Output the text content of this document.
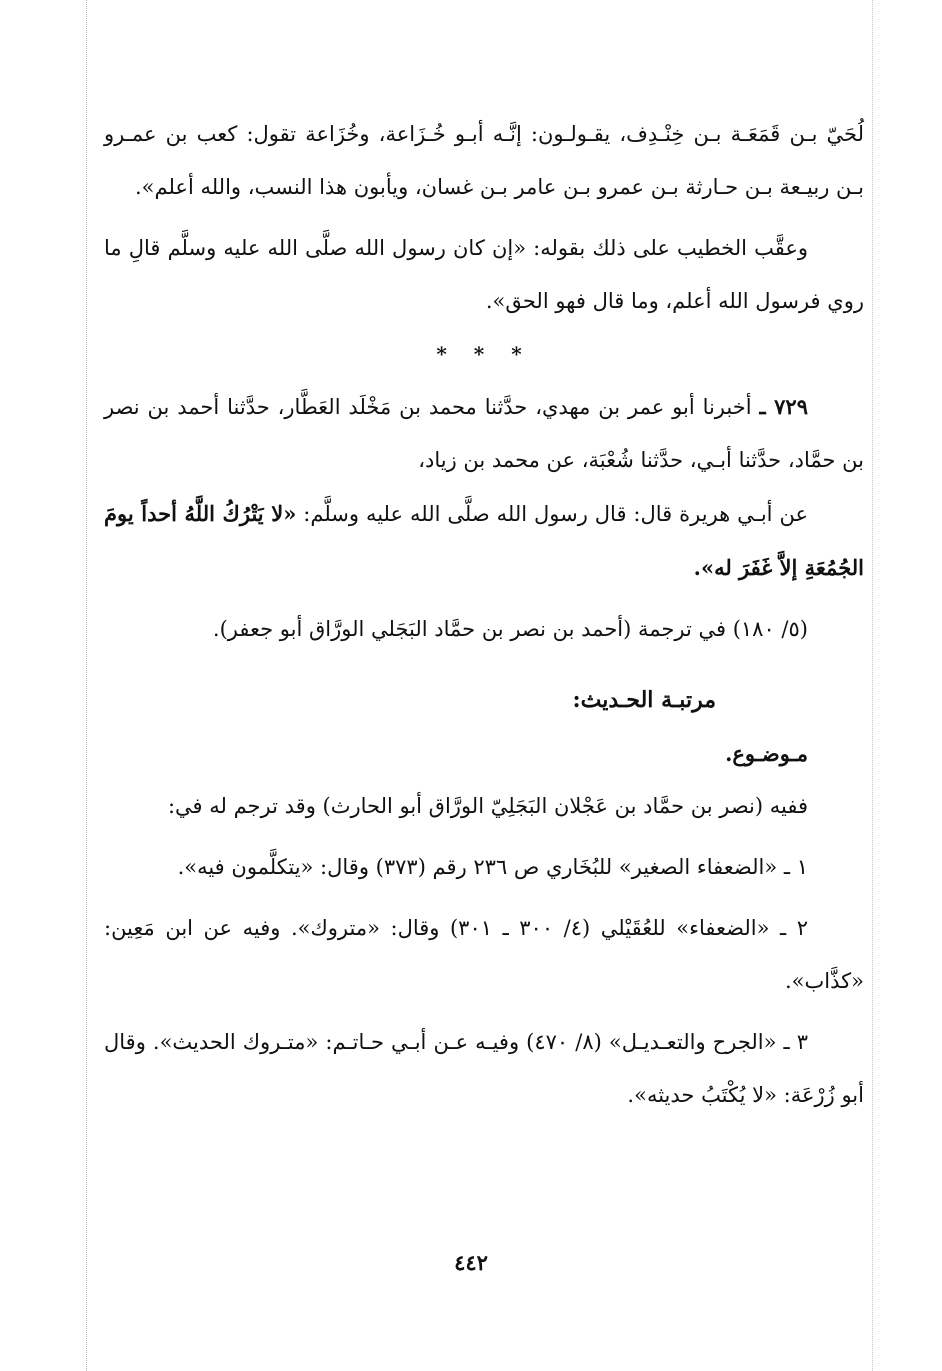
لُحَيّ بـن قَمَعَـة بـن خِنْـدِف، يقـولـون: إنَّـه أبـو خُـزَاعة، وخُزَاعة تقول: كعب بن عمـرو بـن ربيـعة بـن حـارثة بـن عمرو بـن عامر بـن غسان، ويأبون هذا النسب، والله أعلم».

وعقَّب الخطيب على ذلك بقوله: «إن كان رسول الله صلَّى الله عليه وسلَّم قالِ ما روي فرسول الله أعلم، وما قال فهو الحق».

* * *

٧٢٩ ـ أخبرنا أبو عمر بن مهدي، حدَّثنا محمد بن مَخْلَد العَطَّار، حدَّثنا أحمد بن نصر بن حمَّاد، حدَّثنا أبـي، حدَّثنا شُعْبَة، عن محمد بن زياد،

عن أبـي هريرة قال: قال رسول الله صلَّى الله عليه وسلَّم: «لا يَتْرُكُ اللَّهُ أحداً يومَ الجُمُعَةِ إلاَّ غَفَرَ له».

(٥/ ١٨٠) في ترجمة (أحمد بن نصر بن حمَّاد البَجَلي الورَّاق أبو جعفر).

مرتبـة الحـديث:

مـوضـوع.

ففيه (نصر بن حمَّاد بن عَجْلان البَجَلِيّ الورَّاق أبو الحارث) وقد ترجم له في:

١ ـ «الضعفاء الصغير» للبُخَاري ص ٢٣٦ رقم (٣٧٣) وقال: «يتكلَّمون فيه».

٢ ـ «الضعفاء» للعُقَيْلي (٤/ ٣٠٠ ـ ٣٠١) وقال: «متروك». وفيه عن ابن مَعِين: «كذَّاب».

٣ ـ «الجرح والتعـديـل» (٨/ ٤٧٠) وفيـه عـن أبـي حـاتـم: «متـروك الحديث». وقال أبو زُرْعَة: «لا يُكْتَبُ حديثه».

٤٤٢
